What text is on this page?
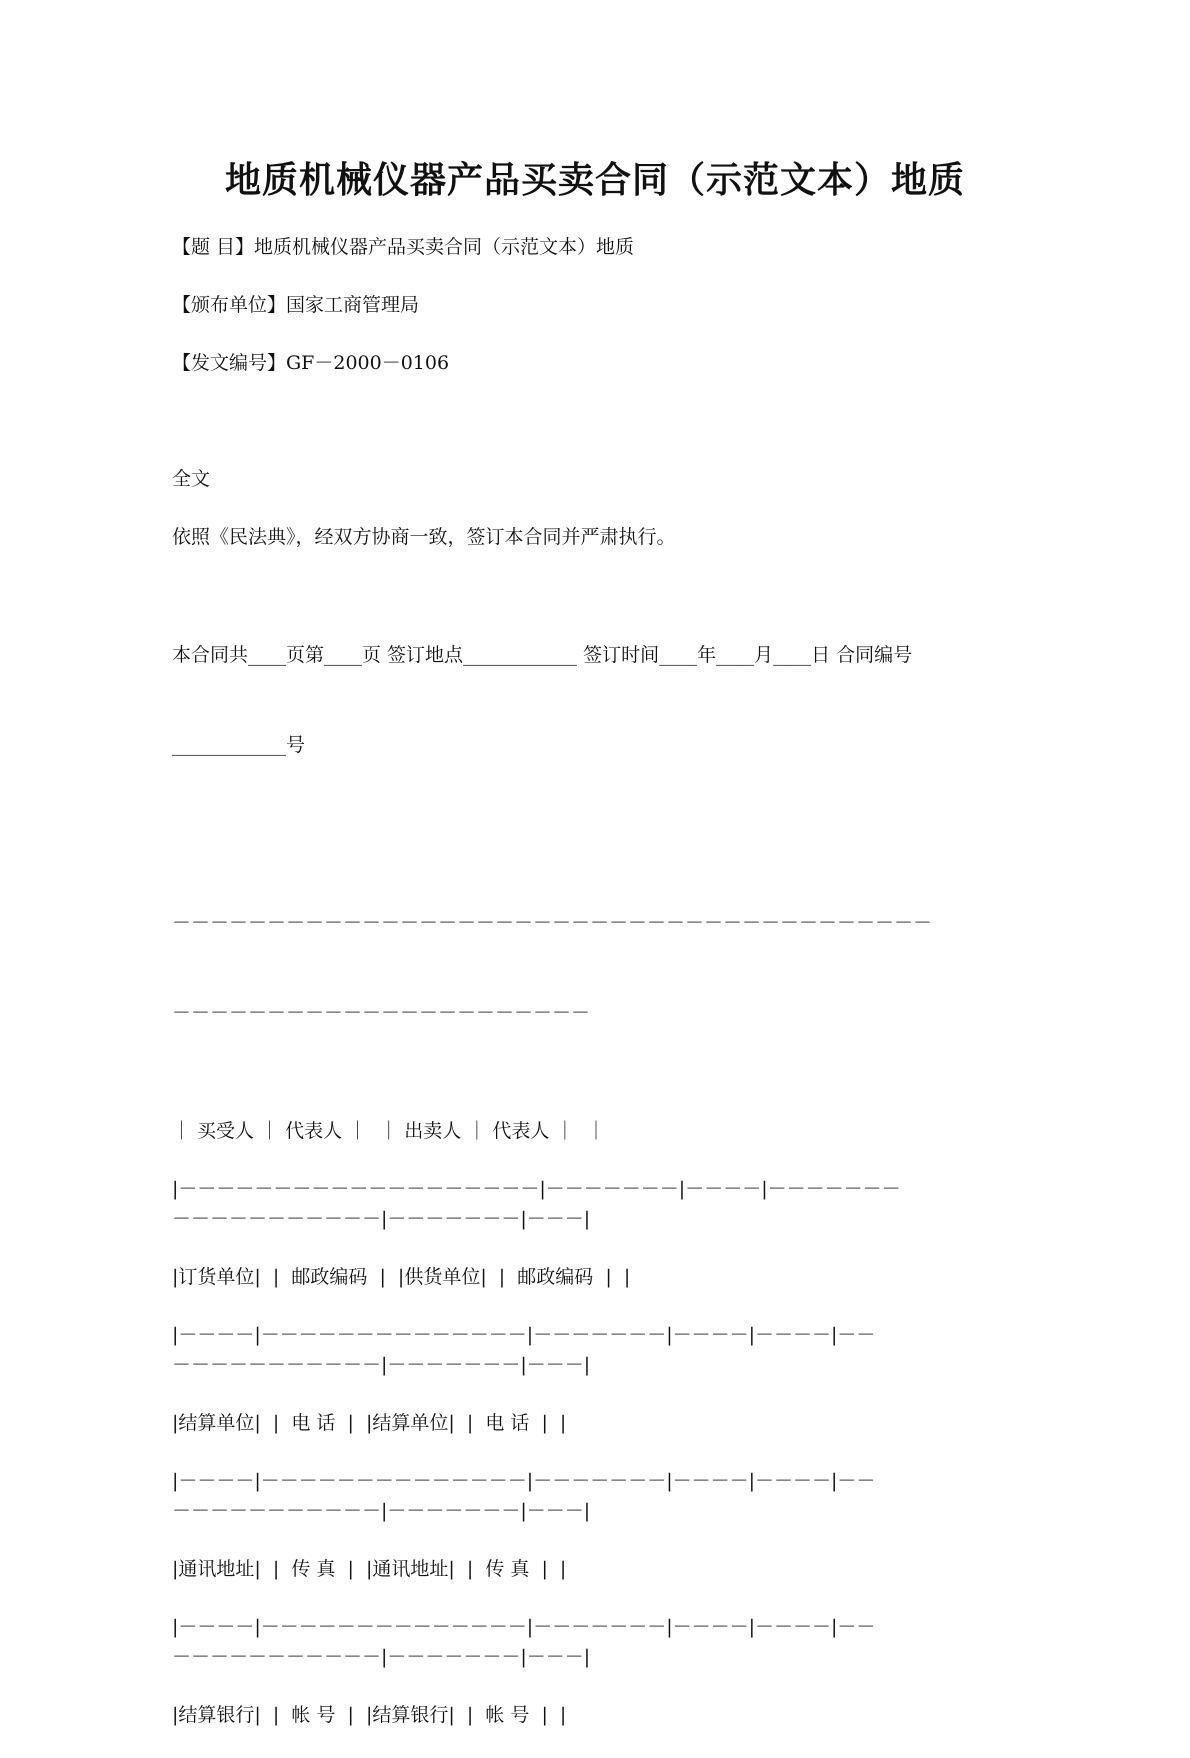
地质机械仪器产品买卖合同（示范文本）地质
【题 目】地质机械仪器产品买卖合同（示范文本）地质
【颁布单位】国家工商管理局
【发文编号】GF－2000－0106
全文
依照《民法典》，经双方协商一致，签订本合同并严肃执行。

本合同共____页第____页 签订地点____________ 签订时间____年____月____日 合同编号

____________号

－－－－－－－－－－－－－－－－－－－－－－－－－－－－－－－－－－－－－－－－

－－－－－－－－－－－－－－－－－－－－－－

｜ 买受人 ｜ 代表人 ｜  ｜ 出卖人 ｜ 代表人 ｜  ｜
|－－－－－－－－－－－－－－－－－－－|－－－－－－－|－－－－|－－－－－－－
－－－－－－－－－－－|－－－－－－－|－－－|
|订货单位|  |  邮政编码  |  |供货单位|  |  邮政编码  |  |
|－－－－|－－－－－－－－－－－－－－|－－－－－－－|－－－－|－－－－|－－
－－－－－－－－－－－|－－－－－－－|－－－|
|结算单位|  |  电 话  |  |结算单位|  |  电 话  |  |
|－－－－|－－－－－－－－－－－－－－|－－－－－－－|－－－－|－－－－|－－
－－－－－－－－－－－|－－－－－－－|－－－|
|通讯地址|  |  传 真  |  |通讯地址|  |  传 真  |  |
|－－－－|－－－－－－－－－－－－－－|－－－－－－－|－－－－|－－－－|－－
－－－－－－－－－－－|－－－－－－－|－－－|
|结算银行|  |  帐 号  |  |结算银行|  |  帐 号  |  |
